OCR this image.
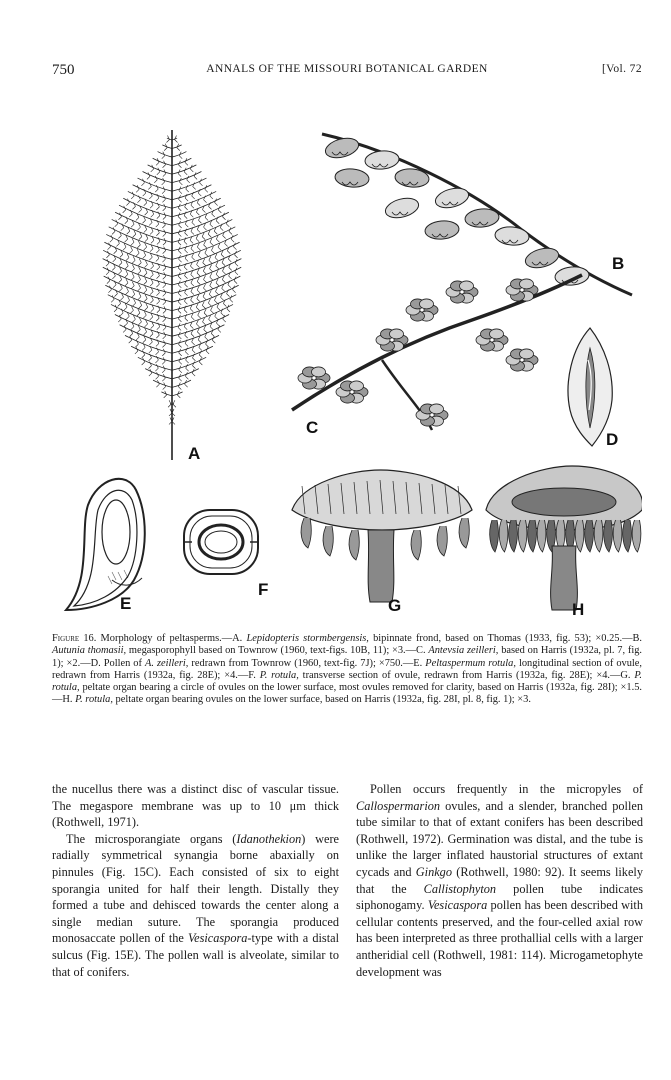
750	ANNALS OF THE MISSOURI BOTANICAL GARDEN	[Vol. 72
A
B
C
D
E
F
G	H
Figure 16. Morphology of peltasperms.—A. Lepidopteris stormbergensis, bipinnate frond, based on Thomas (1933, fig. 53); ×0.25.—B. Autunia thomasii, megasporophyll based on Townrow (1960, text-figs. 10B, 11); ×3.—C. Antevsia zeilleri, based on Harris (1932a, pl. 7, fig. 1); ×2.—D. Pollen of A. zeilleri, redrawn from Townrow (1960, text-fig. 7J); ×750.—E. Peltaspermum rotula, longitudinal section of ovule, redrawn from Harris (1932a, fig. 28E); ×4.—F. P. rotula, transverse section of ovule, redrawn from Harris (1932a, fig. 28E); ×4.—G. P. rotula, peltate organ bearing a circle of ovules on the lower surface, most ovules removed for clarity, based on Harris (1932a, fig. 28I); ×1.5.—H. P. rotula, peltate organ bearing ovules on the lower surface, based on Harris (1932a, fig. 28I, pl. 8, fig. 1); ×3.

the nucellus there was a distinct disc of vascular tissue. The megaspore membrane was up to 10 μm thick (Rothwell, 1971).

The microsporangiate organs (Idanothekion) were radially symmetrical synangia borne abaxially on pinnules (Fig. 15C). Each consisted of six to eight sporangia united for half their length. Distally they formed a tube and dehisced towards the center along a single median suture. The sporangia produced monosaccate pollen of the Vesicaspora-type with a distal sulcus (Fig. 15E). The pollen wall is alveolate, similar to that of conifers.

Pollen occurs frequently in the micropyles of Callospermarion ovules, and a slender, branched pollen tube similar to that of extant conifers has been described (Rothwell, 1972). Germination was distal, and the tube is unlike the larger inflated haustorial structures of extant cycads and Ginkgo (Rothwell, 1980: 92). It seems likely that the Callistophyton pollen tube indicates siphonogamy. Vesicaspora pollen has been described with cellular contents preserved, and the four-celled axial row has been interpreted as three prothallial cells with a larger antheridial cell (Rothwell, 1981: 114). Microgametophyte development was
